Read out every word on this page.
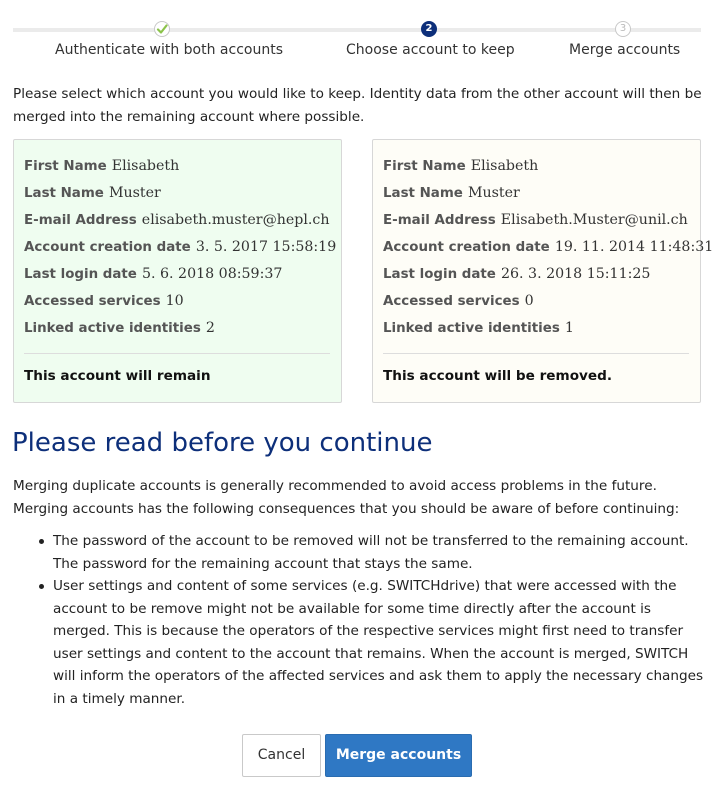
Authenticate with both accounts
2
Choose account to keep
3
Merge accounts

Please select which account you would like to keep. Identity data from the other account will then be merged into the remaining account where possible.

First Name Elisabeth
Last Name Muster
E-mail Address elisabeth.muster@hepl.ch
Account creation date 3. 5. 2017 15:58:19
Last login date 5. 6. 2018 08:59:37
Accessed services 10
Linked active identities 2
This account will remain
First Name Elisabeth
Last Name Muster
E-mail Address Elisabeth.Muster@unil.ch
Account creation date 19. 11. 2014 11:48:31
Last login date 26. 3. 2018 15:11:25
Accessed services 0
Linked active identities 1
This account will be removed.
Please read before you continue

Merging duplicate accounts is generally recommended to avoid access problems in the future. Merging accounts has the following consequences that you should be aware of before continuing:

The password of the account to be removed will not be transferred to the remaining account. The password for the remaining account that stays the same.
User settings and content of some services (e.g. SWITCHdrive) that were accessed with the account to be remove might not be available for some time directly after the account is merged. This is because the operators of the respective services might first need to transfer user settings and content to the account that remains. When the account is merged, SWITCH will inform the operators of the affected services and ask them to apply the necessary changes in a timely manner.
Cancel	Merge accounts
